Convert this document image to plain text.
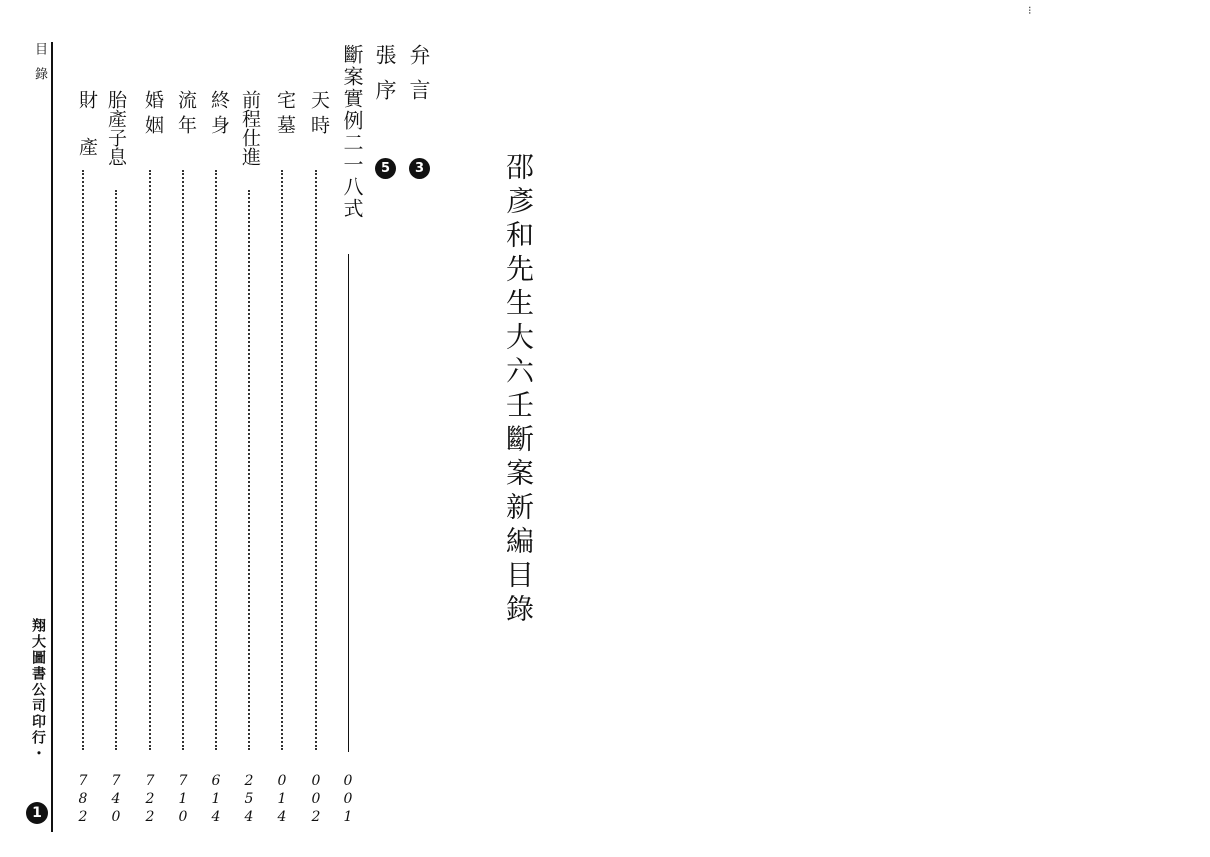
目錄
翔大圖書公司印行・
1
邵彥和先生大六壬斷案新編目錄
弁言 3
張序 5
斷案實例二一八式
0
0
1
天時
0
0
2
宅墓
0
1
4
前程仕進
2
5
4
終身
6
1
4
流年
7
1
0
婚姻
7
2
2
胎產子息
7
4
0
財產
7
8
2
⁝
